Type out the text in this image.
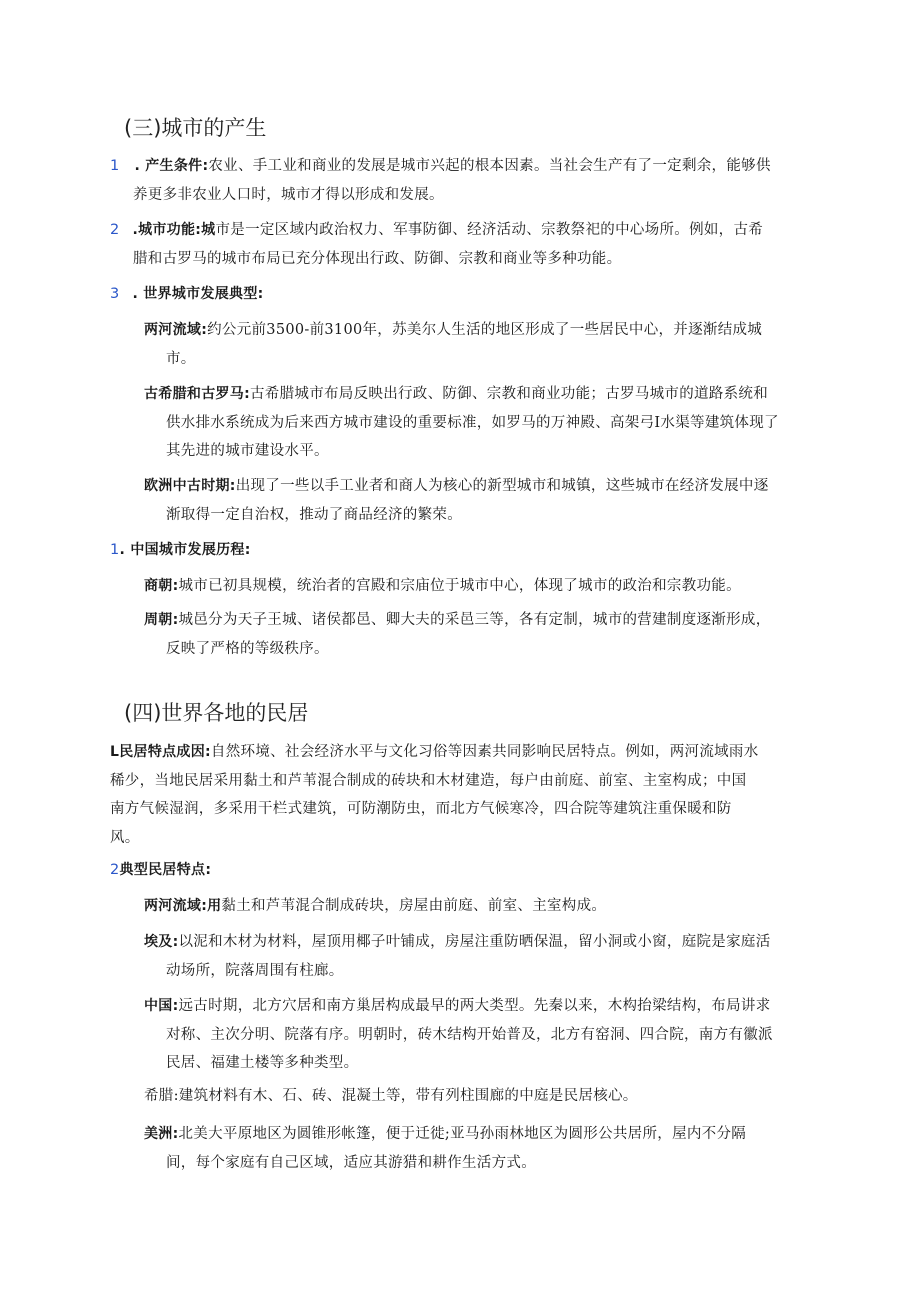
(三)城市的产生
1 . 产生条件:农业、手工业和商业的发展是城市兴起的根本因素。当社会生产有了一定剩余，能够供
养更多非农业人口时，城市才得以形成和发展。
2 .城市功能:城市是一定区域内政治权力、军事防御、经济活动、宗教祭祀的中心场所。例如，古希
腊和古罗马的城市布局已充分体现出行政、防御、宗教和商业等多种功能。
3 . 世界城市发展典型:
两河流域:约公元前3500-前3100年，苏美尔人生活的地区形成了一些居民中心，并逐渐结成城
市。
古希腊和古罗马:古希腊城市布局反映出行政、防御、宗教和商业功能；古罗马城市的道路系统和
供水排水系统成为后来西方城市建设的重要标准，如罗马的万神殿、高架弓I水渠等建筑体现了
其先进的城市建设水平。
欧洲中古时期:出现了一些以手工业者和商人为核心的新型城市和城镇，这些城市在经济发展中逐
渐取得一定自治权，推动了商品经济的繁荣。
1. 中国城市发展历程:
商朝:城市已初具规模，统治者的宫殿和宗庙位于城市中心，体现了城市的政治和宗教功能。
周朝:城邑分为天子王城、诸侯都邑、卿大夫的采邑三等，各有定制，城市的营建制度逐渐形成，
反映了严格的等级秩序。
(四)世界各地的民居
L民居特点成因:自然环境、社会经济水平与文化习俗等因素共同影响民居特点。例如，两河流域雨水
稀少，当地民居采用黏土和芦苇混合制成的砖块和木材建造，每户由前庭、前室、主室构成；中国
南方气候湿润，多采用干栏式建筑，可防潮防虫，而北方气候寒冷，四合院等建筑注重保暖和防
风。
2典型民居特点:
两河流域:用黏土和芦苇混合制成砖块，房屋由前庭、前室、主室构成。
埃及:以泥和木材为材料，屋顶用椰子叶铺成，房屋注重防晒保温，留小洞或小窗，庭院是家庭活
动场所，院落周围有柱廊。
中国:远古时期，北方穴居和南方巢居构成最早的两大类型。先秦以来，木构抬梁结构，布局讲求
对称、主次分明、院落有序。明朝时，砖木结构开始普及，北方有窑洞、四合院，南方有徽派
民居、福建土楼等多种类型。
希腊:建筑材料有木、石、砖、混凝土等，带有列柱围廊的中庭是民居核心。
美洲:北美大平原地区为圆锥形帐篷，便于迁徙;亚马孙雨林地区为圆形公共居所，屋内不分隔
间，每个家庭有自己区域，适应其游猎和耕作生活方式。
